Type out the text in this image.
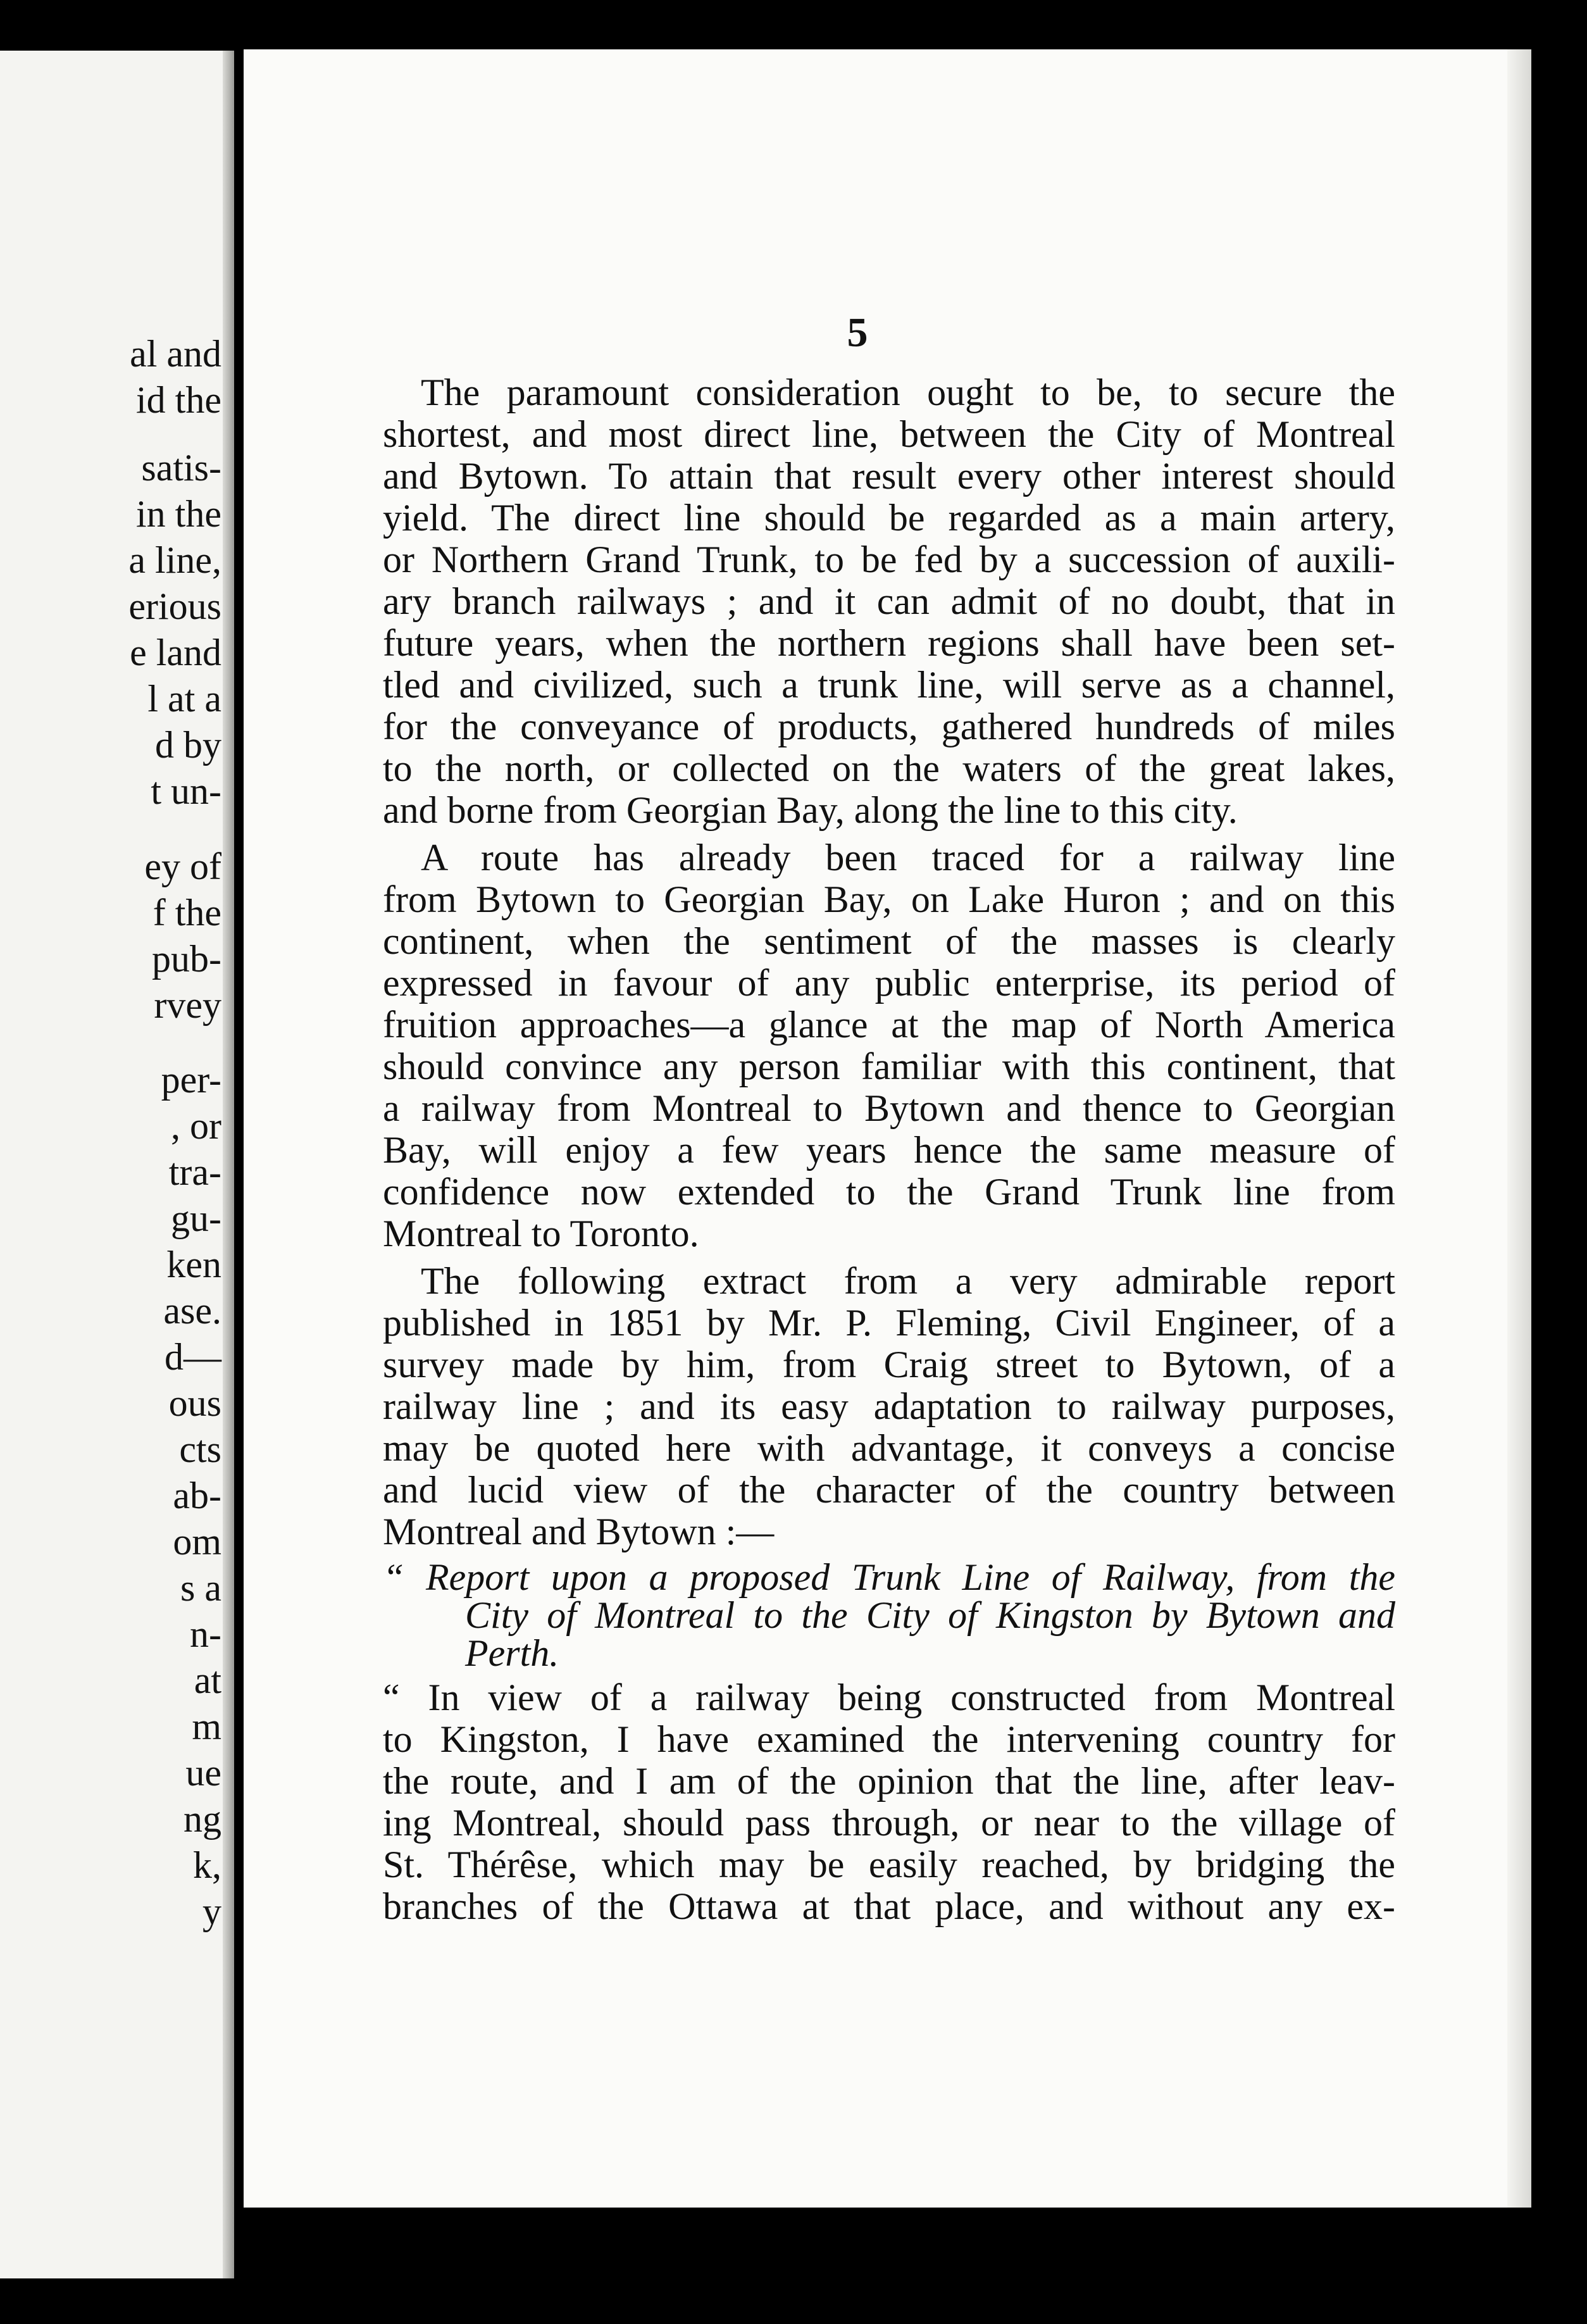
al and
id the
satis-
in the
a line,
erious
e land
l at a
d by
t un-
ey of
f the
pub-
rvey
per-
, or
tra-
gu-
ken
ase.
d—
ous
cts
ab-
om
s a
n-
at
m
ue
ng
k,
y
5
The paramount consideration ought to be, to secure the
shortest, and most direct line, between the City of Montreal
and Bytown. To attain that result every other interest should
yield. The direct line should be regarded as a main artery,
or Northern Grand Trunk, to be fed by a succession of auxili-
ary branch railways ; and it can admit of no doubt, that in
future years, when the northern regions shall have been set-
tled and civilized, such a trunk line, will serve as a channel,
for the conveyance of products, gathered hundreds of miles
to the north, or collected on the waters of the great lakes,
and borne from Georgian Bay, along the line to this city.
A route has already been traced for a railway line
from Bytown to Georgian Bay, on Lake Huron ; and on this
continent, when the sentiment of the masses is clearly
expressed in favour of any public enterprise, its period of
fruition approaches—a glance at the map of North America
should convince any person familiar with this continent, that
a railway from Montreal to Bytown and thence to Georgian
Bay, will enjoy a few years hence the same measure of
confidence now extended to the Grand Trunk line from
Montreal to Toronto.
The following extract from a very admirable report
published in 1851 by Mr. P. Fleming, Civil Engineer, of a
survey made by him, from Craig street to Bytown, of a
railway line ; and its easy adaptation to railway purposes,
may be quoted here with advantage, it conveys a concise
and lucid view of the character of the country between
Montreal and Bytown :—
“ Report upon a proposed Trunk Line of Railway, from the
City of Montreal to the City of Kingston by Bytown and
Perth.
“ In view of a railway being constructed from Montreal
to Kingston, I have examined the intervening country for
the route, and I am of the opinion that the line, after leav-
ing Montreal, should pass through, or near to the village of
St. Thérêse, which may be easily reached, by bridging the
branches of the Ottawa at that place, and without any ex-
